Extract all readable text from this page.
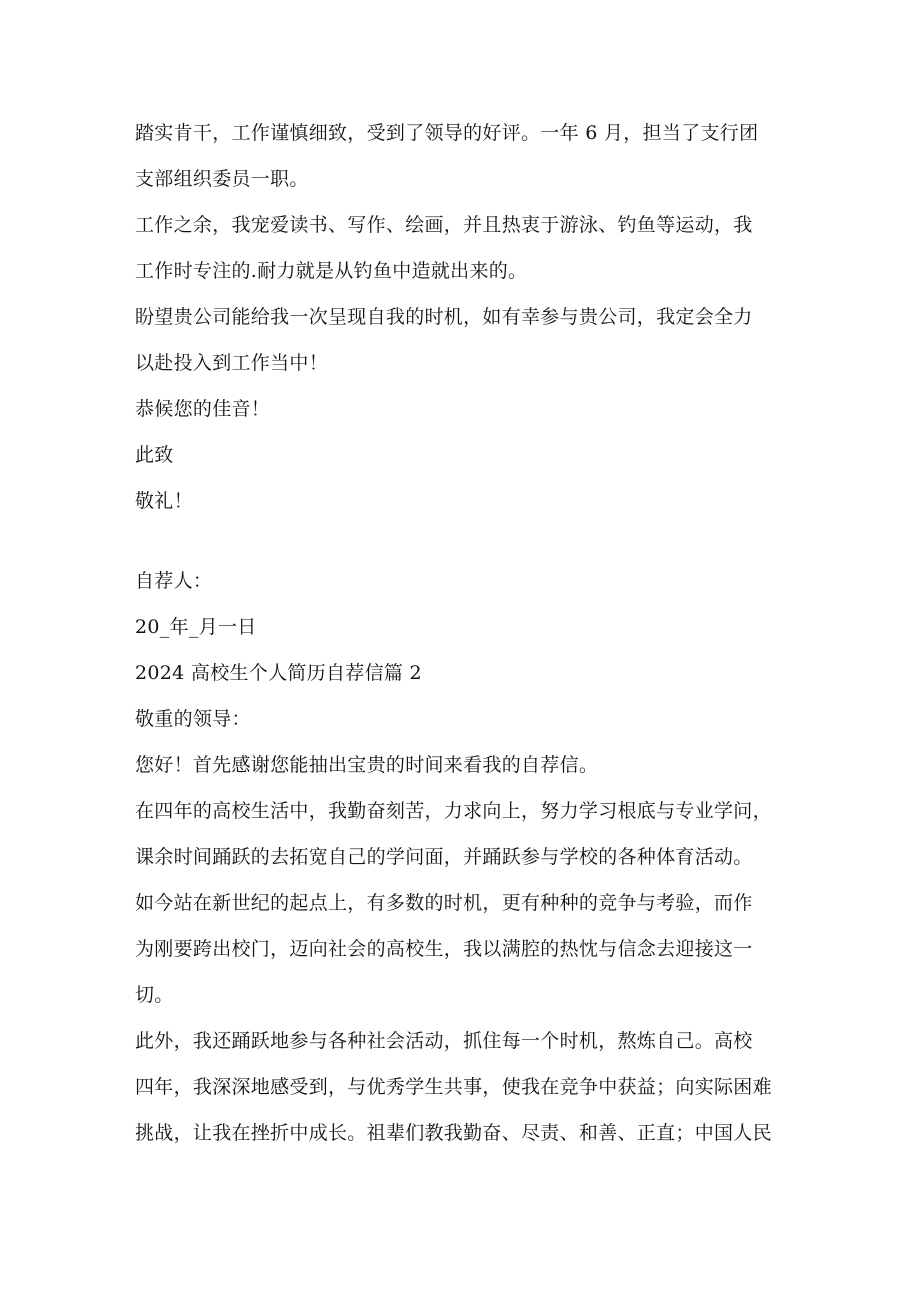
踏实肯干，工作谨慎细致，受到了领导的好评。一年 6 月，担当了支行团
支部组织委员一职。
工作之余，我宠爱读书、写作、绘画，并且热衷于游泳、钓鱼等运动，我
工作时专注的.耐力就是从钓鱼中造就出来的。
盼望贵公司能给我一次呈现自我的时机，如有幸参与贵公司，我定会全力
以赴投入到工作当中！
恭候您的佳音！
此致
敬礼！
自荐人：
20_年_月一日
2024 高校生个人简历自荐信篇 2
敬重的领导：
您好！首先感谢您能抽出宝贵的时间来看我的自荐信。
在四年的高校生活中，我勤奋刻苦，力求向上，努力学习根底与专业学问，
课余时间踊跃的去拓宽自己的学问面，并踊跃参与学校的各种体育活动。
如今站在新世纪的起点上，有多数的时机，更有种种的竞争与考验，而作
为刚要跨出校门，迈向社会的高校生，我以满腔的热忱与信念去迎接这一
切。
此外，我还踊跃地参与各种社会活动，抓住每一个时机，熬炼自己。高校
四年，我深深地感受到，与优秀学生共事，使我在竞争中获益；向实际困难
挑战，让我在挫折中成长。祖辈们教我勤奋、尽责、和善、正直；中国人民
